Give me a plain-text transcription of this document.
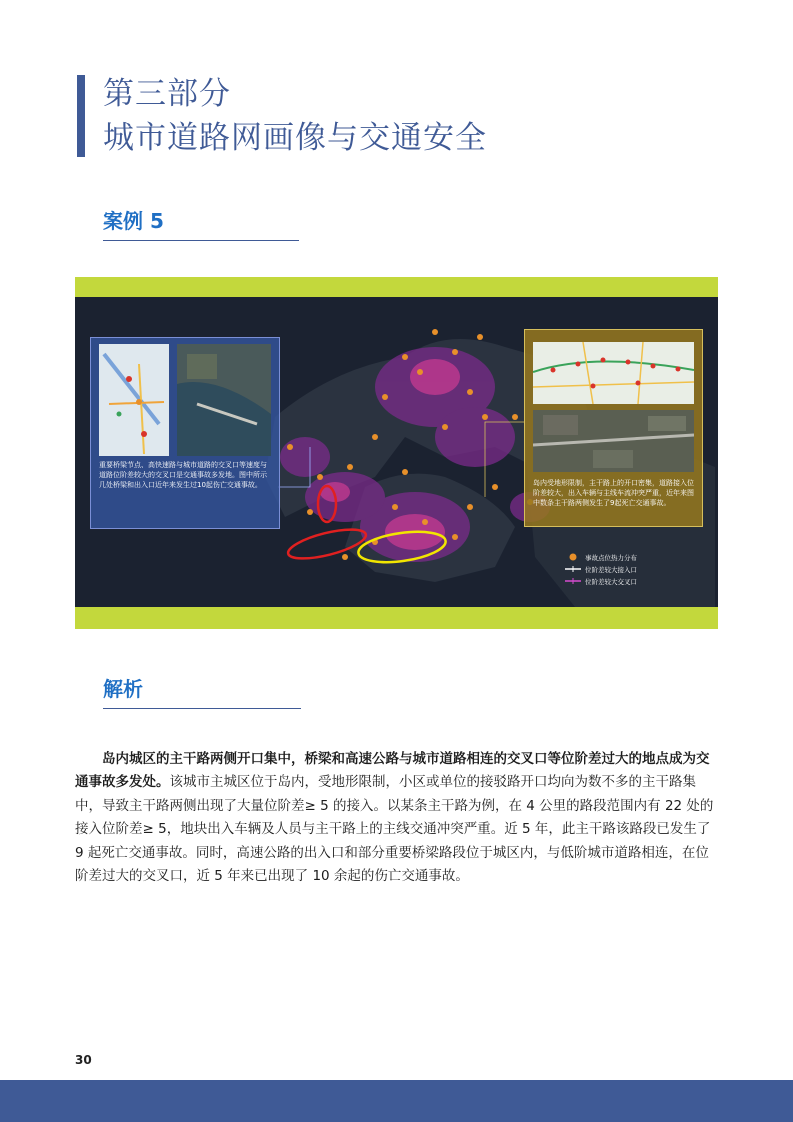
第三部分
城市道路网画像与交通安全
案例 5
重要桥梁节点、高快速路与城市道路的交叉口等速度与道路位阶差较大的交叉口是交通事故多发地。图中所示几处桥梁和出入口近年来发生过10起伤亡交通事故。	岛内受地形限制，主干路上的开口密集，道路接入位阶差较大，出入车辆与主线车流冲突严重，近年来图中数条主干路两侧发生了9起死亡交通事故。
事故点位热力分布
位阶差较大接入口
位阶差较大交叉口
解析
岛内城区的主干路两侧开口集中，桥梁和高速公路与城市道路相连的交叉口等位阶差过大的地点成为交通事故多发处。该城市主城区位于岛内，受地形限制，小区或单位的接驳路开口均向为数不多的主干路集中，导致主干路两侧出现了大量位阶差≥ 5 的接入。以某条主干路为例，在 4 公里的路段范围内有 22 处的接入位阶差≥ 5，地块出入车辆及人员与主干路上的主线交通冲突严重。近 5 年，此主干路该路段已发生了 9 起死亡交通事故。同时，高速公路的出入口和部分重要桥梁路段位于城区内，与低阶城市道路相连，在位阶差过大的交叉口，近 5 年来已出现了 10 余起的伤亡交通事故。
30
